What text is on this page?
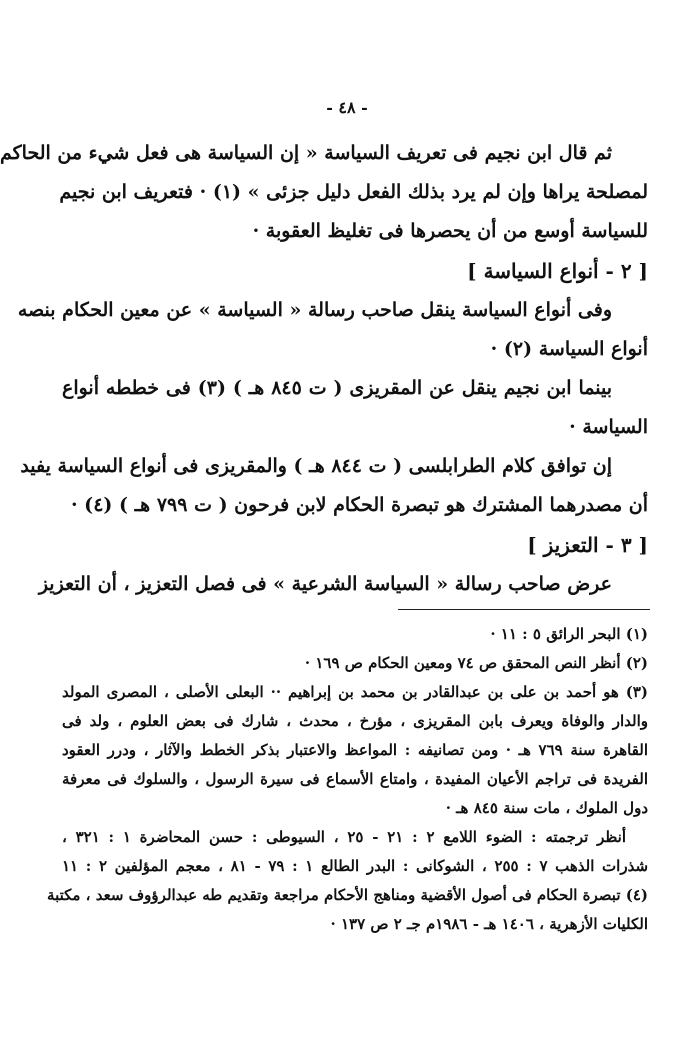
- ٤٨ -
ثم قال ابن نجيم فى تعريف السياسة « إن السياسة هى فعل شيء من الحاكم
لمصلحة يراها وإن لم يرد بذلك الفعل دليل جزئى » (١) · فتعريف ابن نجيم
للسياسة أوسع من أن يحصرها فى تغليظ العقوبة ·
[ ٢ - أنواع السياسة ]
وفى أنواع السياسة ينقل صاحب رسالة « السياسة » عن معين الحكام بنصه
أنواع السياسة (٢) ·
بينما ابن نجيم ينقل عن المقريزى ( ت ٨٤٥ هـ ) (٣) فى خططه أنواع
السياسة ·
إن توافق كلام الطرابلسى ( ت ٨٤٤ هـ ) والمقريزى فى أنواع السياسة يفيد
أن مصدرهما المشترك هو تبصرة الحكام لابن فرحون ( ت ٧٩٩ هـ ) (٤) ·
[ ٣ - التعزيز ]
عرض صاحب رسالة « السياسة الشرعية » فى فصل التعزيز ، أن التعزيز
(١) البحر الرائق ٥ : ١١ ·
(٢) أنظر النص المحقق ص ٧٤ ومعين الحكام ص ١٦٩ ·
(٣) هو أحمد بن على بن عبدالقادر بن محمد بن إبراهيم ·· البعلى الأصلى ، المصرى المولد
والدار والوفاة ويعرف بابن المقريزى ، مؤرخ ، محدث ، شارك فى بعض العلوم ، ولد فى
القاهرة سنة ٧٦٩ هـ · ومن تصانيفه : المواعظ والاعتبار بذكر الخطط والآثار ، ودرر العقود
الفريدة فى تراجم الأعيان المفيدة ، وامتاع الأسماع فى سيرة الرسول ، والسلوك فى معرفة
دول الملوك ، مات سنة ٨٤٥ هـ ·
أنظر ترجمته : الضوء اللامع ٢ : ٢١ - ٢٥ ، السيوطى : حسن المحاضرة ١ : ٣٢١ ،
شذرات الذهب ٧ : ٢٥٥ ، الشوكانى : البدر الطالع ١ : ٧٩ - ٨١ ، معجم المؤلفين ٢ : ١١
(٤) تبصرة الحكام فى أصول الأقضية ومناهج الأحكام مراجعة وتقديم طه عبدالرؤوف سعد ، مكتبة
الكليات الأزهرية ، ١٤٠٦ هـ - ١٩٨٦م جـ ٢ ص ١٣٧ ·
